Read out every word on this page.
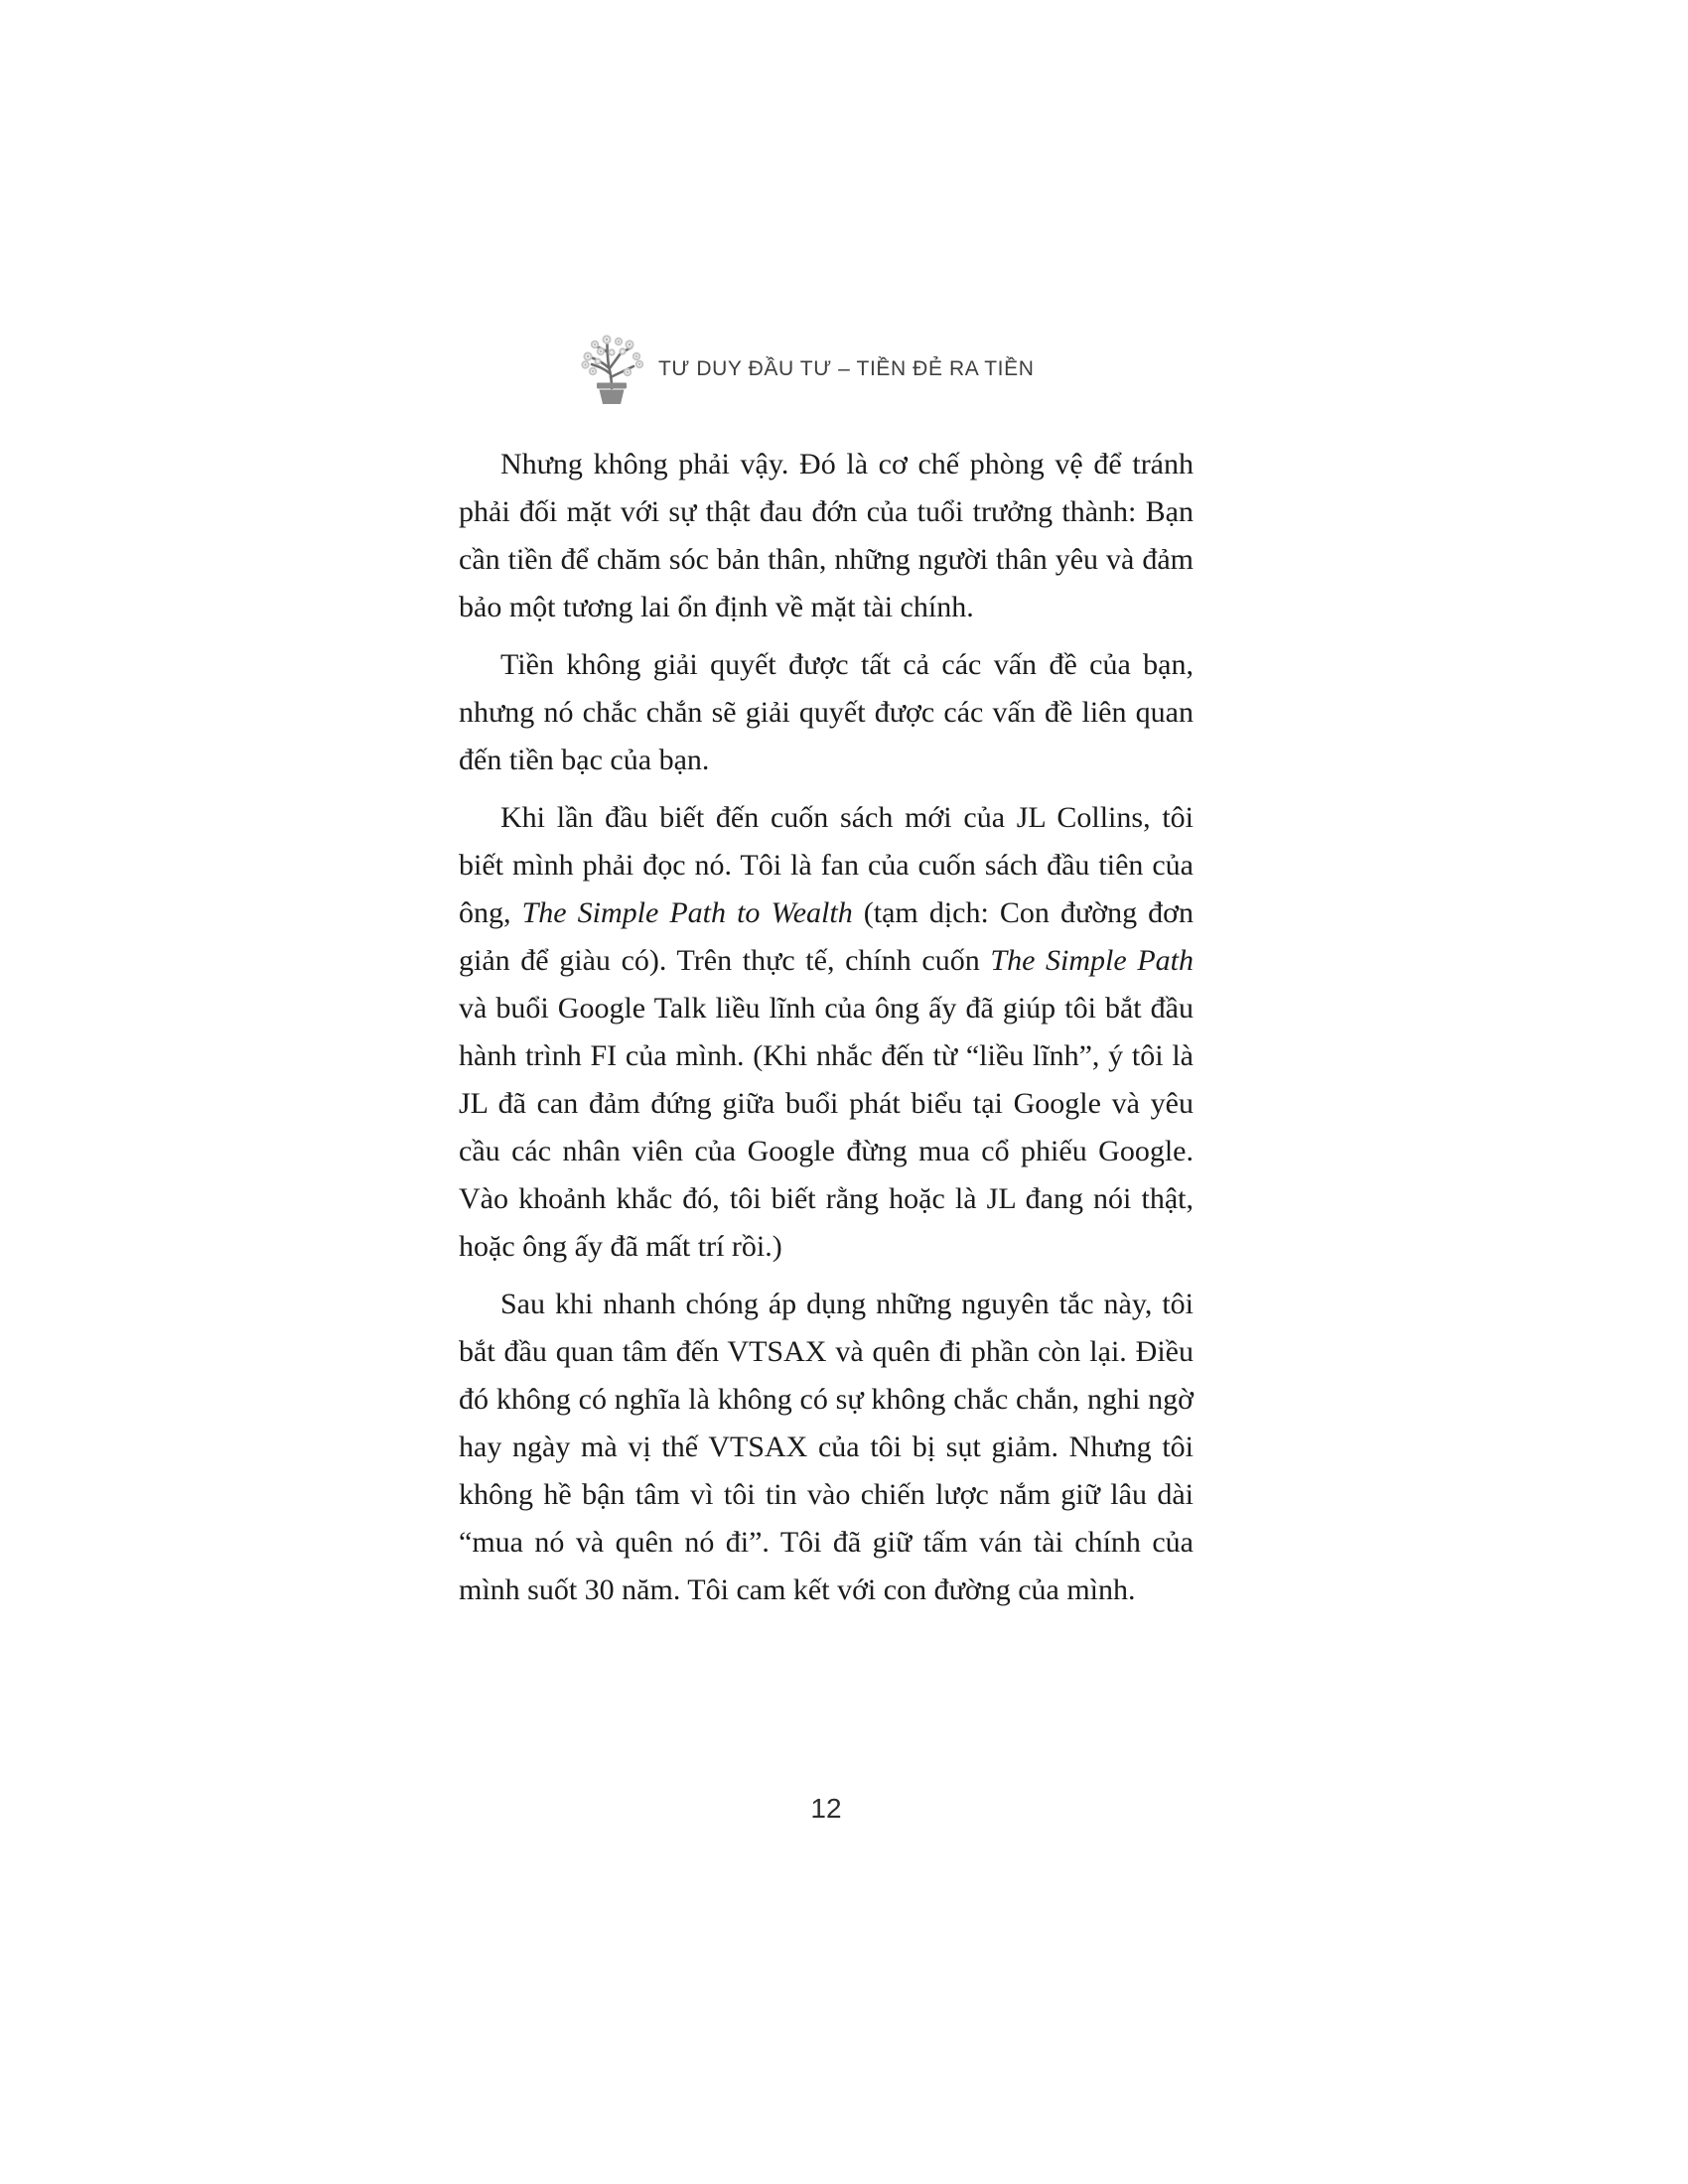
TƯ DUY ĐẦU TƯ – TIỀN ĐẺ RA TIỀN

Nhưng không phải vậy. Đó là cơ chế phòng vệ để tránh phải đối mặt với sự thật đau đớn của tuổi trưởng thành: Bạn cần tiền để chăm sóc bản thân, những người thân yêu và đảm bảo một tương lai ổn định về mặt tài chính.

Tiền không giải quyết được tất cả các vấn đề của bạn, nhưng nó chắc chắn sẽ giải quyết được các vấn đề liên quan đến tiền bạc của bạn.

Khi lần đầu biết đến cuốn sách mới của JL Collins, tôi biết mình phải đọc nó. Tôi là fan của cuốn sách đầu tiên của ông, The Simple Path to Wealth (tạm dịch: Con đường đơn giản để giàu có). Trên thực tế, chính cuốn The Simple Path và buổi Google Talk liều lĩnh của ông ấy đã giúp tôi bắt đầu hành trình FI của mình. (Khi nhắc đến từ “liều lĩnh”, ý tôi là JL đã can đảm đứng giữa buổi phát biểu tại Google và yêu cầu các nhân viên của Google đừng mua cổ phiếu Google. Vào khoảnh khắc đó, tôi biết rằng hoặc là JL đang nói thật, hoặc ông ấy đã mất trí rồi.)

Sau khi nhanh chóng áp dụng những nguyên tắc này, tôi bắt đầu quan tâm đến VTSAX và quên đi phần còn lại. Điều đó không có nghĩa là không có sự không chắc chắn, nghi ngờ hay ngày mà vị thế VTSAX của tôi bị sụt giảm. Nhưng tôi không hề bận tâm vì tôi tin vào chiến lược nắm giữ lâu dài “mua nó và quên nó đi”. Tôi đã giữ tấm ván tài chính của mình suốt 30 năm. Tôi cam kết với con đường của mình.

12
